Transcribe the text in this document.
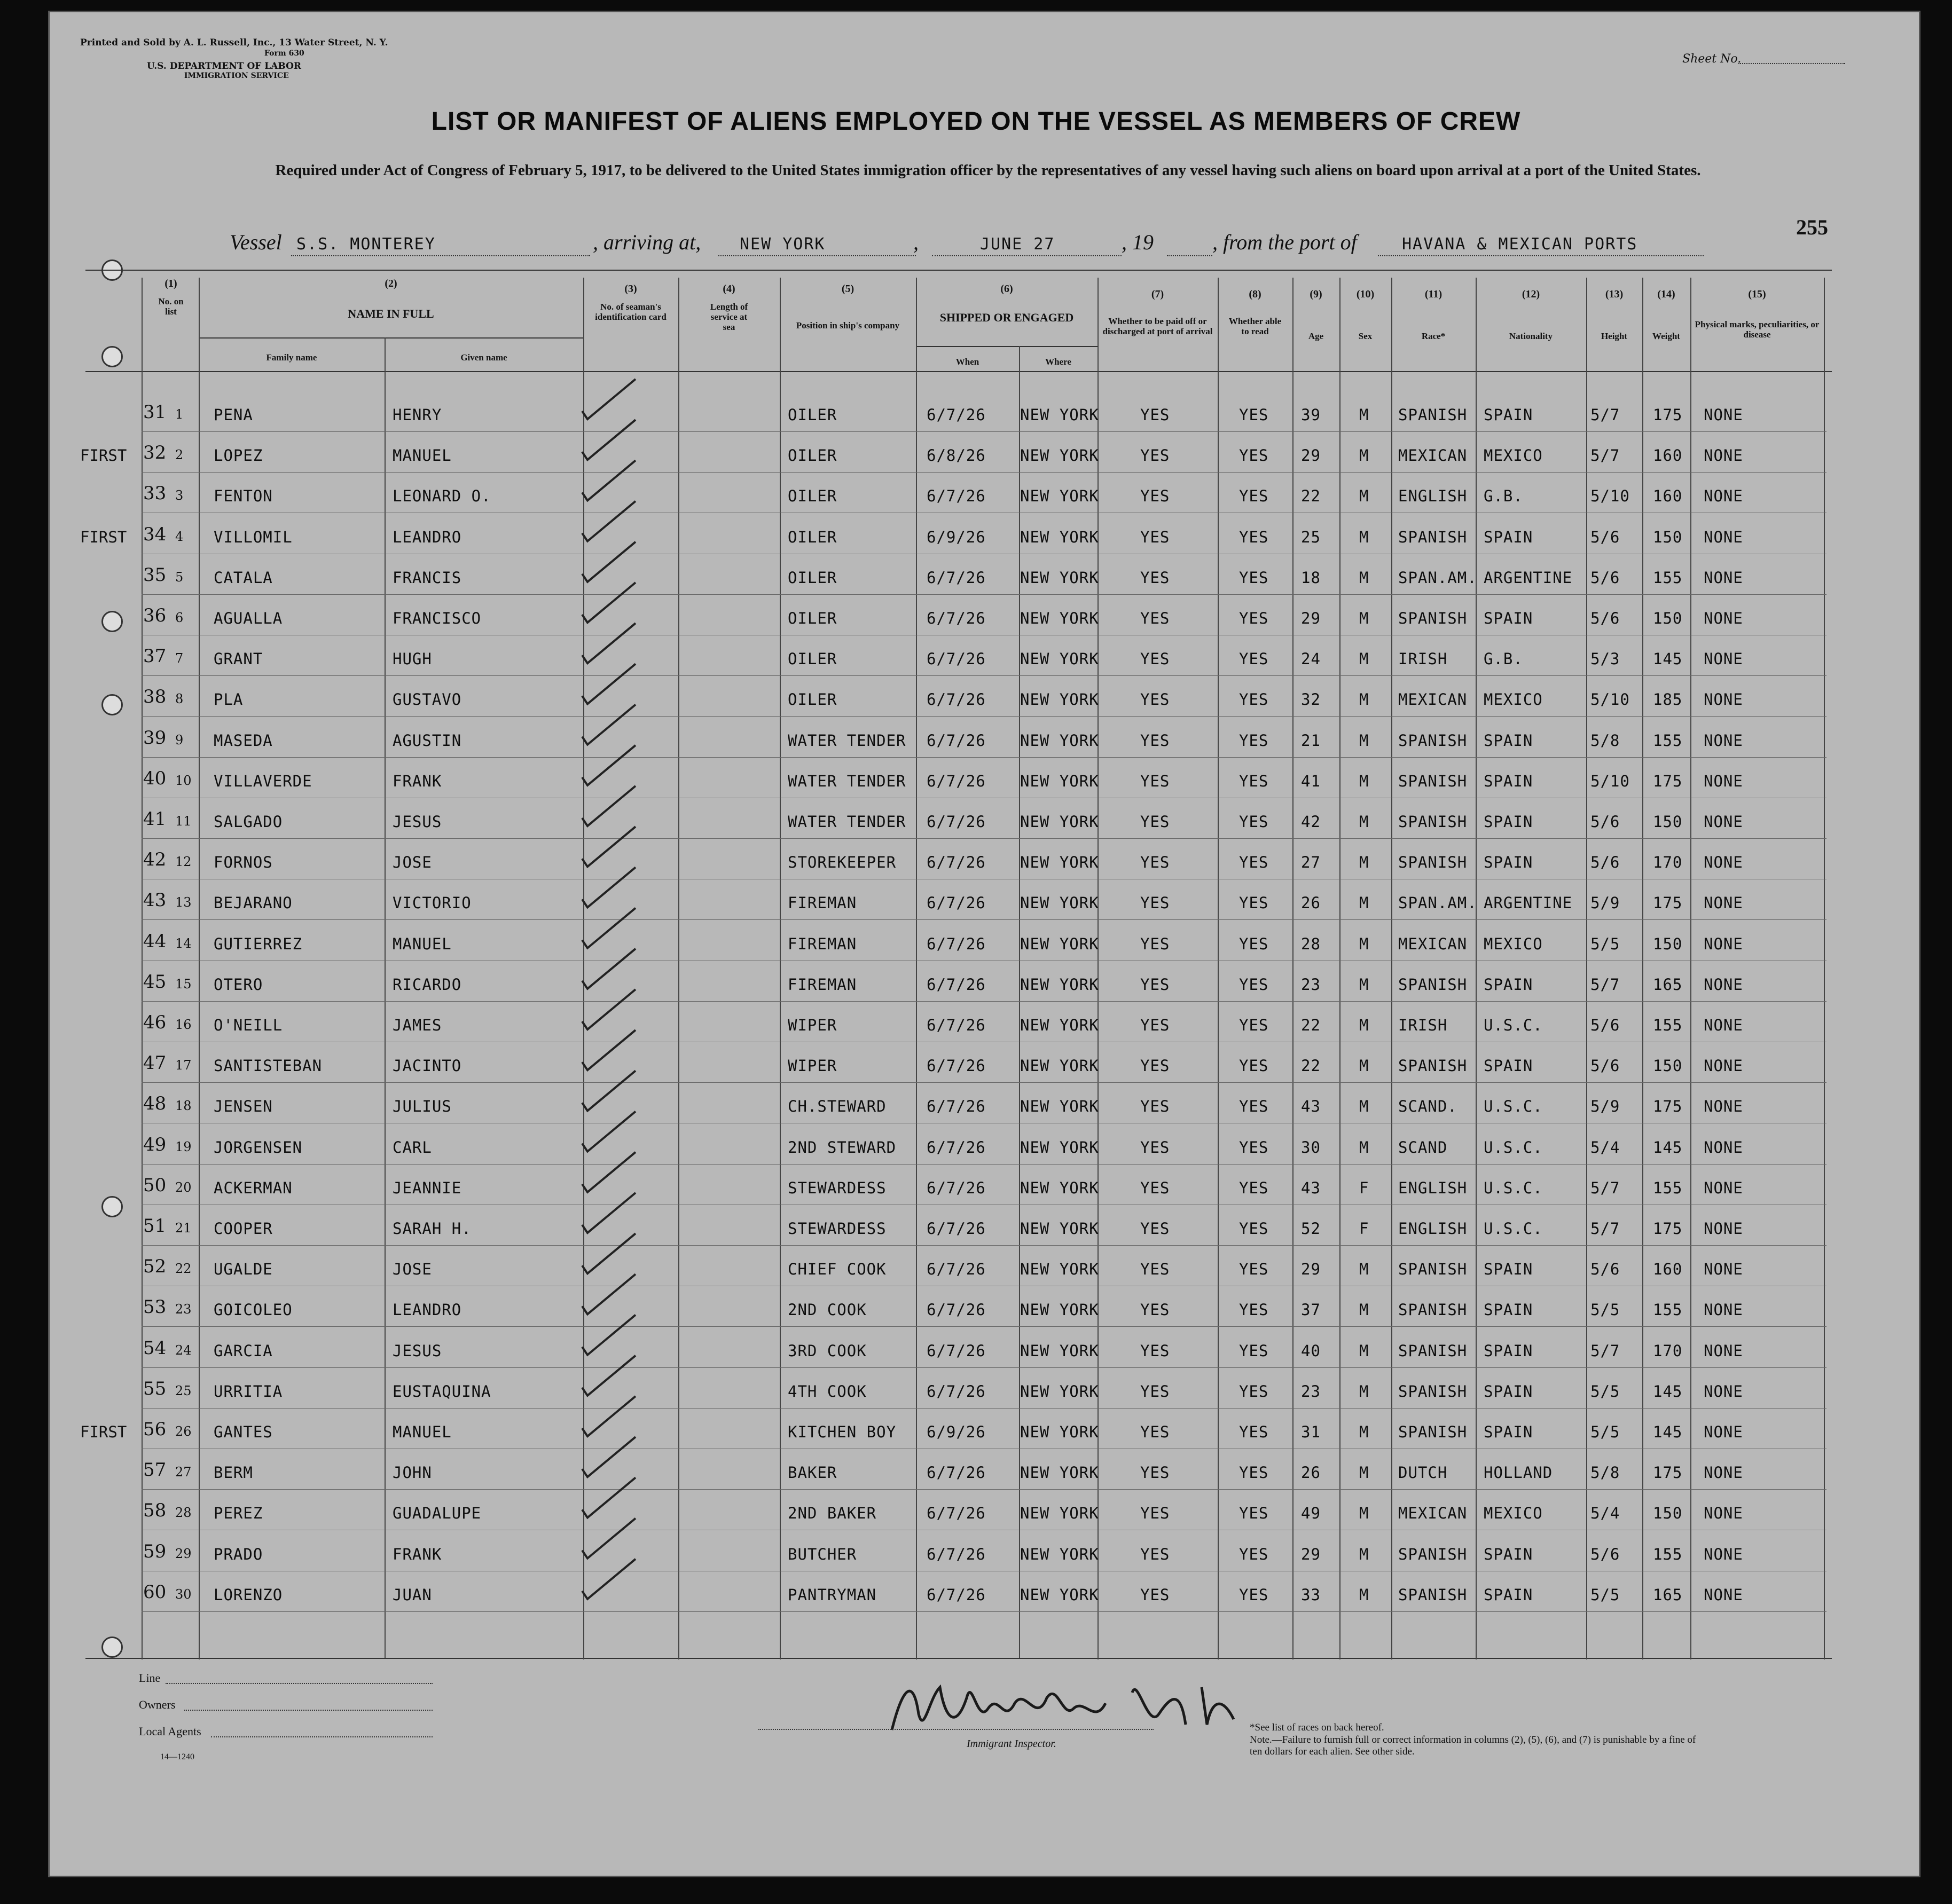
Printed and Sold by A. L. Russell, Inc., 13 Water Street, N. Y.
Form 630
U.S. DEPARTMENT OF LABOR
IMMIGRATION SERVICE
Sheet No.
LIST OR MANIFEST OF ALIENS EMPLOYED ON THE VESSEL AS MEMBERS OF CREW
Required under Act of Congress of February 5, 1917, to be delivered to the United States immigration officer by the representatives of any vessel having such aliens on board upon arrival at a port of the United States.
255
Vessel S.S. MONTEREY	, arriving at, NEW YORK	,	JUNE 27	, 19	, from the port of	HAVANA & MEXICAN PORTS
(1)
No. on list
(2)
NAME IN FULL
Family name	Given name
(3)
No. of seaman's identification card
(4)
Length of service at sea
(5)
Position in ship's company
(6)
SHIPPED OR ENGAGED
When	Where
(7)
Whether to be paid off or discharged at port of arrival
(8)
Whether able to read
(9)
Age
(10)
Sex
(11)
Race*
(12)
Nationality
(13)
Height
(14)
Weight
(15)
Physical marks, peculiarities, or disease
31 1 PENA	HENRY	OILER	6/7/26 NEW YORK	YES	YES 39 M SPANISH SPAIN	5/7 175 NONE
FIRST 32 2 LOPEZ	MANUEL	OILER	6/8/26 NEW YORK	YES	YES 29 M MEXICAN MEXICO	5/7 160 NONE
33 3 FENTON	LEONARD O.	OILER	6/7/26 NEW YORK	YES	YES 22 M ENGLISH G.B.	5/10 160 NONE
FIRST 34 4 VILLOMIL	LEANDRO	OILER	6/9/26 NEW YORK	YES	YES 25 M SPANISH SPAIN	5/6 150 NONE
35 5 CATALA	FRANCIS	OILER	6/7/26 NEW YORK	YES	YES 18 M SPAN.AM. ARGENTINE 5/6 155 NONE
36 6 AGUALLA	FRANCISCO	OILER	6/7/26 NEW YORK	YES	YES 29 M SPANISH SPAIN	5/6 150 NONE
37 7 GRANT	HUGH	OILER	6/7/26 NEW YORK	YES	YES 24 M IRISH G.B.	5/3 145 NONE
38 8 PLA	GUSTAVO	OILER	6/7/26 NEW YORK	YES	YES 32 M MEXICAN MEXICO	5/10 185 NONE
39 9 MASEDA	AGUSTIN	WATER TENDER 6/7/26 NEW YORK	YES	YES 21 M SPANISH SPAIN	5/8 155 NONE
40 10 VILLAVERDE	FRANK	WATER TENDER 6/7/26 NEW YORK	YES	YES 41 M SPANISH SPAIN	5/10 175 NONE
41 11 SALGADO	JESUS	WATER TENDER 6/7/26 NEW YORK	YES	YES 42 M SPANISH SPAIN	5/6 150 NONE
42 12 FORNOS	JOSE	STOREKEEPER 6/7/26 NEW YORK	YES	YES 27 M SPANISH SPAIN	5/6 170 NONE
43 13 BEJARANO	VICTORIO	FIREMAN	6/7/26 NEW YORK	YES	YES 26 M SPAN.AM. ARGENTINE 5/9 175 NONE
44 14 GUTIERREZ	MANUEL	FIREMAN	6/7/26 NEW YORK	YES	YES 28 M MEXICAN MEXICO	5/5 150 NONE
45 15 OTERO	RICARDO	FIREMAN	6/7/26 NEW YORK	YES	YES 23 M SPANISH SPAIN	5/7 165 NONE
46 16 O'NEILL	JAMES	WIPER	6/7/26 NEW YORK	YES	YES 22 M IRISH U.S.C.	5/6 155 NONE
47 17 SANTISTEBAN	JACINTO	WIPER	6/7/26 NEW YORK	YES	YES 22 M SPANISH SPAIN	5/6 150 NONE
48 18 JENSEN	JULIUS	CH.STEWARD	6/7/26 NEW YORK	YES	YES 43 M SCAND. U.S.C.	5/9 175 NONE
49 19 JORGENSEN	CARL	2ND STEWARD 6/7/26 NEW YORK	YES	YES 30 M SCAND U.S.C.	5/4 145 NONE
50 20 ACKERMAN	JEANNIE	STEWARDESS	6/7/26 NEW YORK	YES	YES 43 F ENGLISH U.S.C.	5/7 155 NONE
51 21 COOPER	SARAH H.	STEWARDESS	6/7/26 NEW YORK	YES	YES 52 F ENGLISH U.S.C.	5/7 175 NONE
52 22 UGALDE	JOSE	CHIEF COOK	6/7/26 NEW YORK	YES	YES 29 M SPANISH SPAIN	5/6 160 NONE
53 23 GOICOLEO	LEANDRO	2ND COOK	6/7/26 NEW YORK	YES	YES 37 M SPANISH SPAIN	5/5 155 NONE
54 24 GARCIA	JESUS	3RD COOK	6/7/26 NEW YORK	YES	YES 40 M SPANISH SPAIN	5/7 170 NONE
55 25 URRITIA	EUSTAQUINA	4TH COOK	6/7/26 NEW YORK	YES	YES 23 M SPANISH SPAIN	5/5 145 NONE
FIRST 56 26 GANTES	MANUEL	KITCHEN BOY 6/9/26 NEW YORK	YES	YES 31 M SPANISH SPAIN	5/5 145 NONE
57 27 BERM	JOHN	BAKER	6/7/26 NEW YORK	YES	YES 26 M DUTCH HOLLAND 5/8 175 NONE
58 28 PEREZ	GUADALUPE	2ND BAKER	6/7/26 NEW YORK	YES	YES 49 M MEXICAN MEXICO	5/4 150 NONE
59 29 PRADO	FRANK	BUTCHER	6/7/26 NEW YORK	YES	YES 29 M SPANISH SPAIN	5/6 155 NONE
60 30 LORENZO	JUAN	PANTRYMAN	6/7/26 NEW YORK	YES	YES 33 M SPANISH SPAIN	5/5 165 NONE
Immigrant Inspector.
Line
Owners
Local Agents
14—1240
*See list of races on back hereof.
Note.—Failure to furnish full or correct information in columns (2), (5), (6), and (7) is punishable by a fine of ten dollars for each alien. See other side.
